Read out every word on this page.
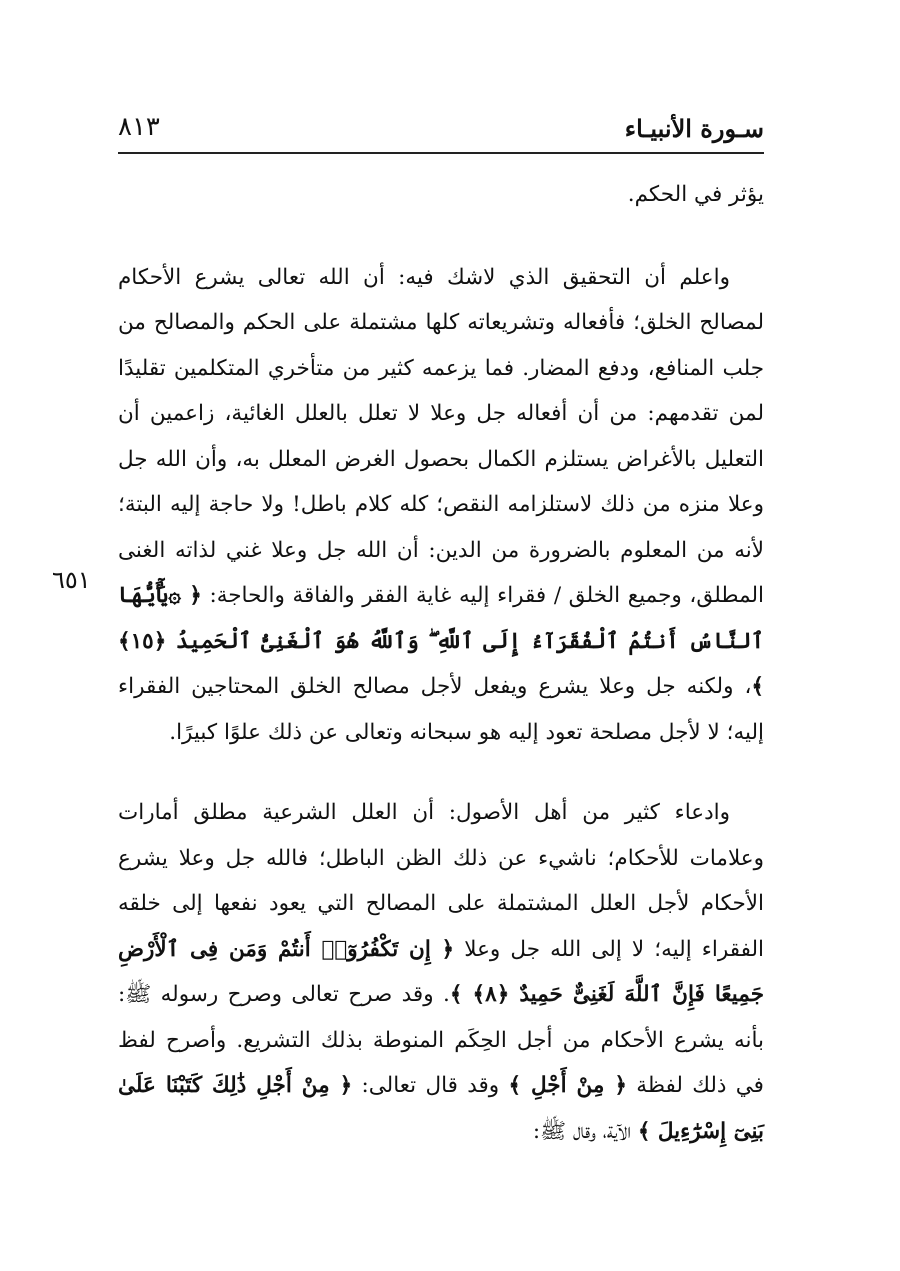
٨١٣	سـورة الأنبيـاء
٦٥١

يؤثر في الحكم.

واعلم أن التحقيق الذي لاشك فيه: أن الله تعالى يشرع الأحكام لمصالح الخلق؛ فأفعاله وتشريعاته كلها مشتملة على الحكم والمصالح من جلب المنافع، ودفع المضار. فما يزعمه كثير من متأخري المتكلمين تقليدًا لمن تقدمهم: من أن أفعاله جل وعلا لا تعلل بالعلل الغائية، زاعمين أن التعليل بالأغراض يستلزم الكمال بحصول الغرض المعلل به، وأن الله جل وعلا منزه من ذلك لاستلزامه النقص؛ كله كلام باطل! ولا حاجة إليه البتة؛ لأنه من المعلوم بالضرورة من الدين: أن الله جل وعلا غني لذاته الغنى المطلق، وجميع الخلق / فقراء إليه غاية الفقر والفاقة والحاجة: ﴿ ۞يَٰٓأَيُّهَا ٱلنَّاسُ أَنتُمُ ٱلْفُقَرَآءُ إِلَى ٱللَّهِ ۖ وَٱللَّهُ هُوَ ٱلْغَنِىُّ ٱلْحَمِيدُ ﴿١٥﴾ ﴾، ولكنه جل وعلا يشرع ويفعل لأجل مصالح الخلق المحتاجين الفقراء إليه؛ لا لأجل مصلحة تعود إليه هو سبحانه وتعالى عن ذلك علوًا كبيرًا.

وادعاء كثير من أهل الأصول: أن العلل الشرعية مطلق أمارات وعلامات للأحكام؛ ناشيء عن ذلك الظن الباطل؛ فالله جل وعلا يشرع الأحكام لأجل العلل المشتملة على المصالح التي يعود نفعها إلى خلقه الفقراء إليه؛ لا إلى الله جل وعلا ﴿ إِن تَكْفُرُوٓا۟ أَنتُمْ وَمَن فِى ٱلْأَرْضِ جَمِيعًا فَإِنَّ ٱللَّهَ لَغَنِىٌّ حَمِيدٌ ﴿٨﴾ ﴾. وقد صرح تعالى وصرح رسوله ﷺ: بأنه يشرع الأحكام من أجل الحِكَم المنوطة بذلك التشريع. وأصرح لفظ في ذلك لفظة ﴿ مِنْ أَجْلِ ﴾ وقد قال تعالى: ﴿ مِنْ أَجْلِ ذَٰلِكَ كَتَبْنَا عَلَىٰ بَنِىٓ إِسْرَٰٓءِيلَ ﴾ الآية، وقال ﷺ:
